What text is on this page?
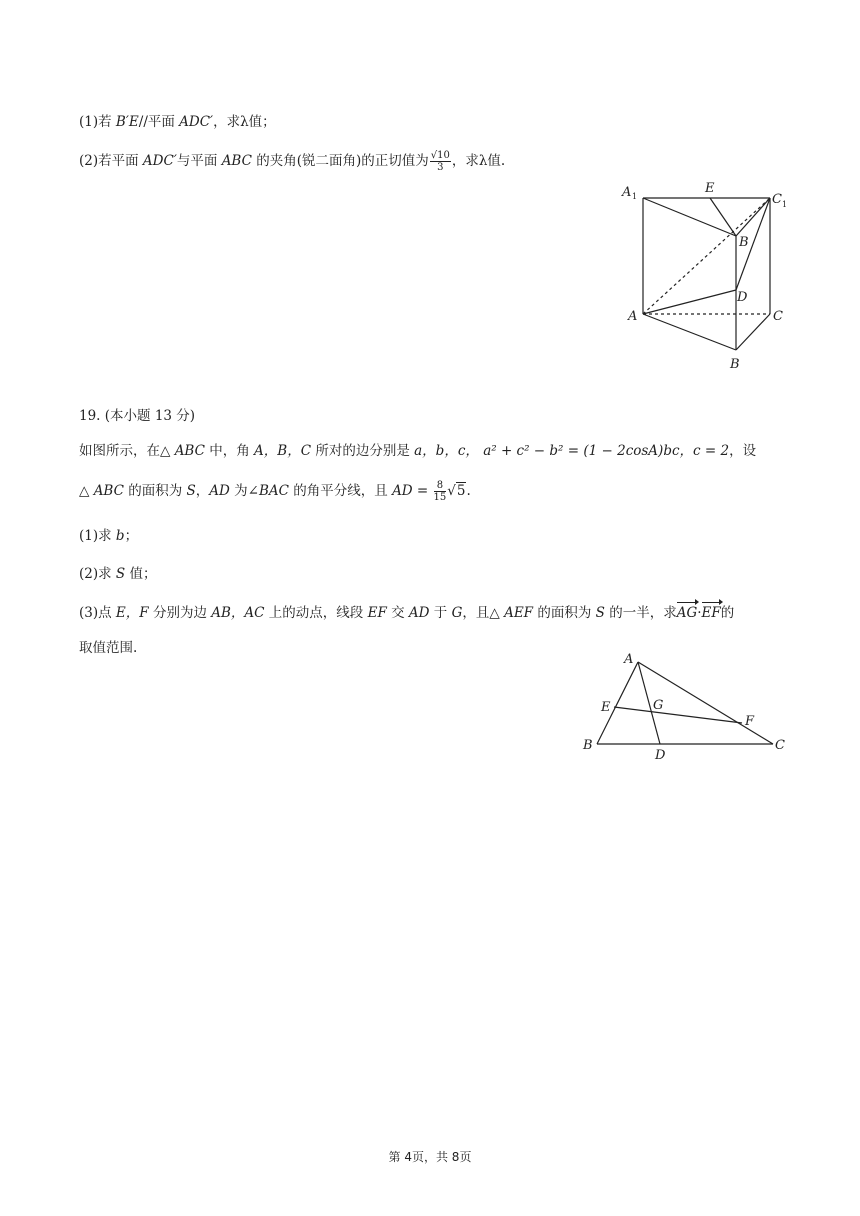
(1)若 B′E//平面 ADC′，求λ值；
(2)若平面 ADC′与平面 ABC 的夹角(锐二面角)的正切值为 $\frac{√10}{3}$ ，求λ值.
A 1
E
C 1
B
D
A	C
B
19. (本小题 13 分)
如图所示，在△ ABC 中，角 A，B，C 所对的边分别是 a，b，c， a² + c² − b² = (1 − 2cosA)bc，c = 2，设
△ ABC 的面积为 S，AD 为∠BAC 的角平分线，且 AD = $\frac{8}{15} √5$.
(1)求 b；
(2)求 S 值；
(3)点 E，F 分别为边 AB，AC 上的动点，线段 EF 交 AD 于 G，且△ AEF 的面积为 S 的一半，求AG·EF的
取值范围.
A
E	G
F
B
D
C
第 4页，共 8页
